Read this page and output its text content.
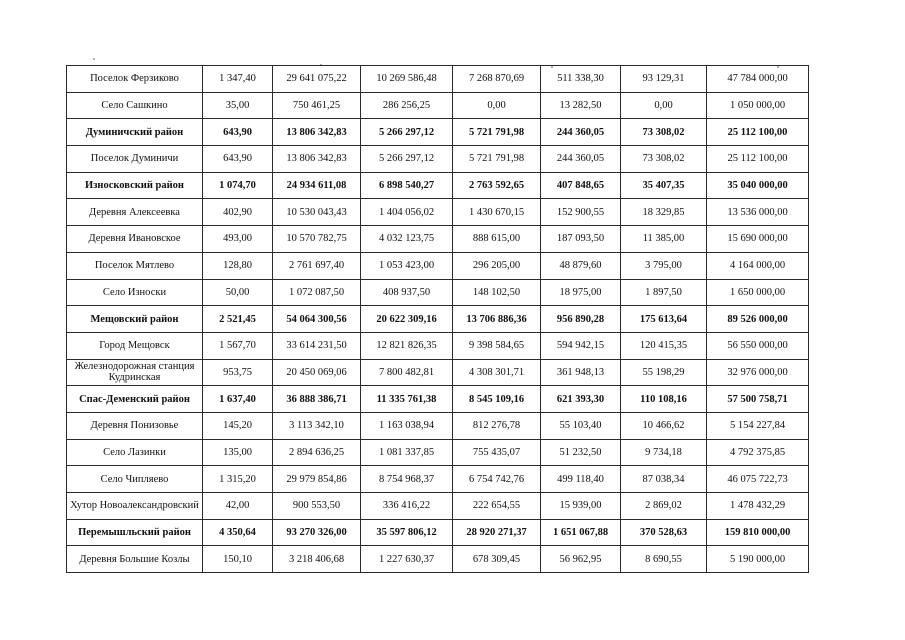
Поселок Ферзиково	1 347,40	29 641 075,22	10 269 586,48	7 268 870,69	511 338,30	93 129,31	47 784 000,00
Село Сашкино	35,00	750 461,25	286 256,25	0,00	13 282,50	0,00	1 050 000,00
Думиничский район	643,90	13 806 342,83	5 266 297,12	5 721 791,98	244 360,05	73 308,02	25 112 100,00
Поселок Думиничи	643,90	13 806 342,83	5 266 297,12	5 721 791,98	244 360,05	73 308,02	25 112 100,00
Износковский район	1 074,70	24 934 611,08	6 898 540,27	2 763 592,65	407 848,65	35 407,35	35 040 000,00
Деревня Алексеевка	402,90	10 530 043,43	1 404 056,02	1 430 670,15	152 900,55	18 329,85	13 536 000,00
Деревня Ивановское	493,00	10 570 782,75	4 032 123,75	888 615,00	187 093,50	11 385,00	15 690 000,00
Поселок Мятлево	128,80	2 761 697,40	1 053 423,00	296 205,00	48 879,60	3 795,00	4 164 000,00
Село Износки	50,00	1 072 087,50	408 937,50	148 102,50	18 975,00	1 897,50	1 650 000,00
Мещовский район	2 521,45	54 064 300,56	20 622 309,16	13 706 886,36	956 890,28	175 613,64	89 526 000,00
Город Мещовск	1 567,70	33 614 231,50	12 821 826,35	9 398 584,65	594 942,15	120 415,35	56 550 000,00
Железнодорожная станция Кудринская	953,75	20 450 069,06	7 800 482,81	4 308 301,71	361 948,13	55 198,29	32 976 000,00
Спас-Деменский район	1 637,40	36 888 386,71	11 335 761,38	8 545 109,16	621 393,30	110 108,16	57 500 758,71
Деревня Понизовье	145,20	3 113 342,10	1 163 038,94	812 276,78	55 103,40	10 466,62	5 154 227,84
Село Лазинки	135,00	2 894 636,25	1 081 337,85	755 435,07	51 232,50	9 734,18	4 792 375,85
Село Чипляево	1 315,20	29 979 854,86	8 754 968,37	6 754 742,76	499 118,40	87 038,34	46 075 722,73
Хутор Новоалександровский	42,00	900 553,50	336 416,22	222 654,55	15 939,00	2 869,02	1 478 432,29
Перемышльский район	4 350,64	93 270 326,00	35 597 806,12	28 920 271,37	1 651 067,88	370 528,63	159 810 000,00
Деревня Большие Козлы	150,10	3 218 406,68	1 227 630,37	678 309,45	56 962,95	8 690,55	5 190 000,00
